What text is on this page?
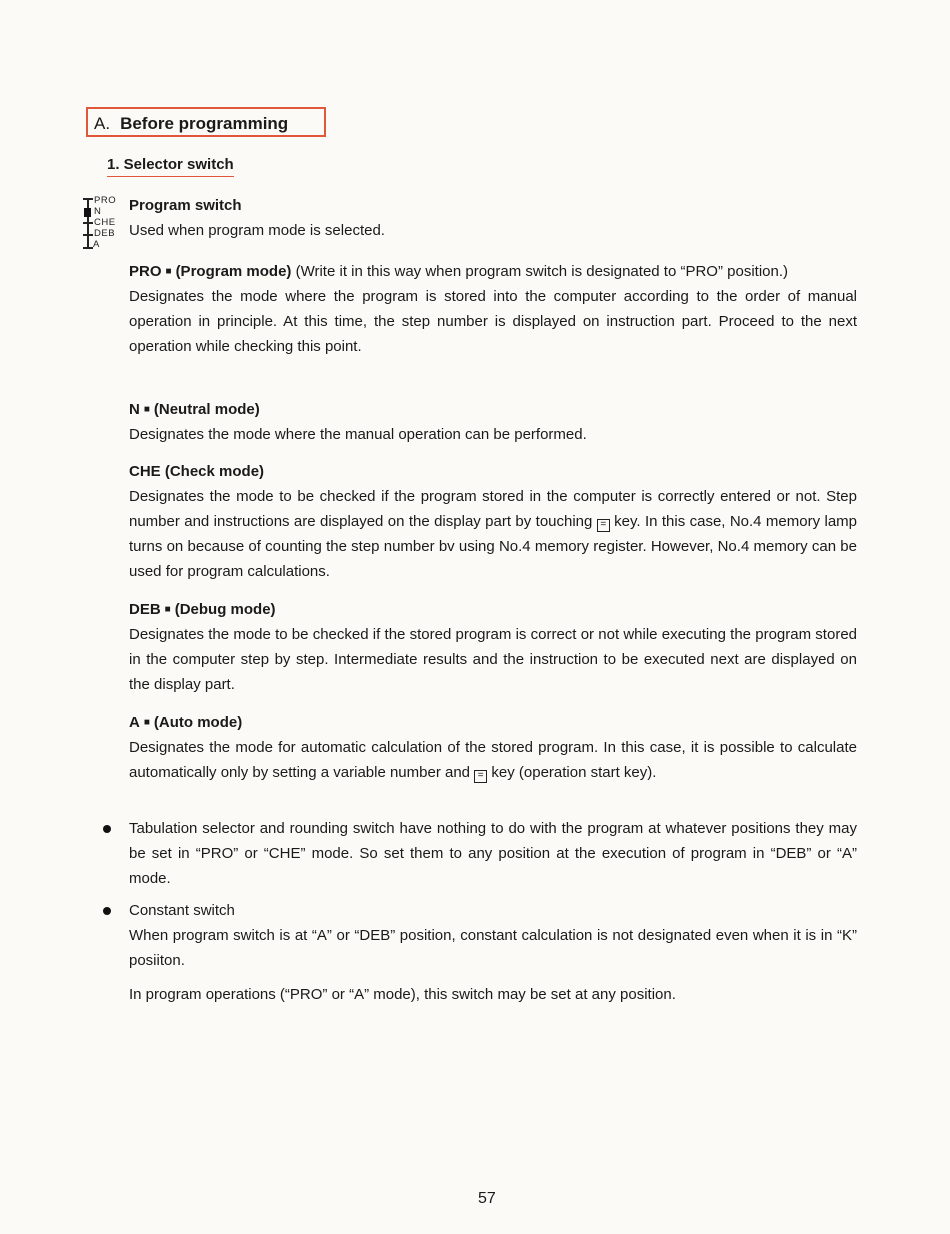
A. Before programming
1. Selector switch
PRO
N
CHE
DEB
A

Program switch

Used when program mode is selected.

PRO ■ (Program mode) (Write it in this way when program switch is designated to “PRO” position.)

Designates the mode where the program is stored into the computer according to the order of manual operation in principle. At this time, the step number is displayed on instruction part. Proceed to the next operation while checking this point.

N ■ (Neutral mode)

Designates the mode where the manual operation can be performed.

CHE (Check mode)

Designates the mode to be checked if the program stored in the computer is correctly entered or not. Step number and instructions are displayed on the display part by touching = key. In this case, No.4 memory lamp turns on because of counting the step number bv using No.4 memory register. However, No.4 memory can be used for program calculations.

DEB ■ (Debug mode)

Designates the mode to be checked if the stored program is correct or not while executing the program stored in the computer step by step. Intermediate results and the instruction to be executed next are displayed on the display part.

A ■ (Auto mode)

Designates the mode for automatic calculation of the stored program. In this case, it is possible to calculate automatically only by setting a variable number and = key (operation start key).

Tabulation selector and rounding switch have nothing to do with the program at whatever positions they may be set in “PRO” or “CHE” mode. So set them to any position at the execution of program in “DEB” or “A” mode.

Constant switch

When program switch is at “A” or “DEB” position, constant calculation is not designated even when it is in “K” posiiton.

In program operations (“PRO” or “A” mode), this switch may be set at any position.

57
